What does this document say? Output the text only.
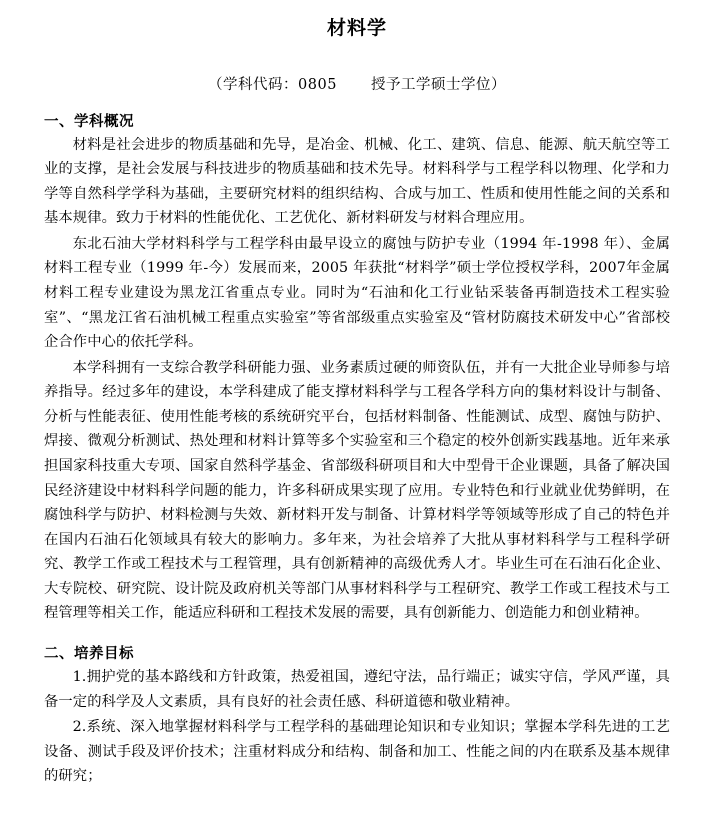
材料学
（学科代码：0805 授予工学硕士学位）
一、学科概况

材料是社会进步的物质基础和先导，是冶金、机械、化工、建筑、信息、能源、航天航空等工业的支撑，是社会发展与科技进步的物质基础和技术先导。材料科学与工程学科以物理、化学和力学等自然科学学科为基础，主要研究材料的组织结构、合成与加工、性质和使用性能之间的关系和基本规律。致力于材料的性能优化、工艺优化、新材料研发与材料合理应用。

东北石油大学材料科学与工程学科由最早设立的腐蚀与防护专业（1994 年-1998 年）、金属材料工程专业（1999 年-今）发展而来，2005 年获批“材料学”硕士学位授权学科，2007年金属材料工程专业建设为黑龙江省重点专业。同时为“石油和化工行业钻采装备再制造技术工程实验室”、“黑龙江省石油机械工程重点实验室”等省部级重点实验室及“管材防腐技术研发中心”省部校企合作中心的依托学科。

本学科拥有一支综合教学科研能力强、业务素质过硬的师资队伍，并有一大批企业导师参与培养指导。经过多年的建设，本学科建成了能支撑材料科学与工程各学科方向的集材料设计与制备、分析与性能表征、使用性能考核的系统研究平台，包括材料制备、性能测试、成型、腐蚀与防护、焊接、微观分析测试、热处理和材料计算等多个实验室和三个稳定的校外创新实践基地。近年来承担国家科技重大专项、国家自然科学基金、省部级科研项目和大中型骨干企业课题，具备了解决国民经济建设中材料科学问题的能力，许多科研成果实现了应用。专业特色和行业就业优势鲜明，在腐蚀科学与防护、材料检测与失效、新材料开发与制备、计算材料学等领域等形成了自己的特色并在国内石油石化领域具有较大的影响力。多年来，为社会培养了大批从事材料科学与工程科学研究、教学工作或工程技术与工程管理，具有创新精神的高级优秀人才。毕业生可在石油石化企业、大专院校、研究院、设计院及政府机关等部门从事材料科学与工程研究、教学工作或工程技术与工程管理等相关工作，能适应科研和工程技术发展的需要，具有创新能力、创造能力和创业精神。

二、培养目标

1.拥护党的基本路线和方针政策，热爱祖国，遵纪守法，品行端正；诚实守信，学风严谨，具备一定的科学及人文素质，具有良好的社会责任感、科研道德和敬业精神。

2.系统、深入地掌握材料科学与工程学科的基础理论知识和专业知识；掌握本学科先进的工艺设备、测试手段及评价技术；注重材料成分和结构、制备和加工、性能之间的内在联系及基本规律的研究；
